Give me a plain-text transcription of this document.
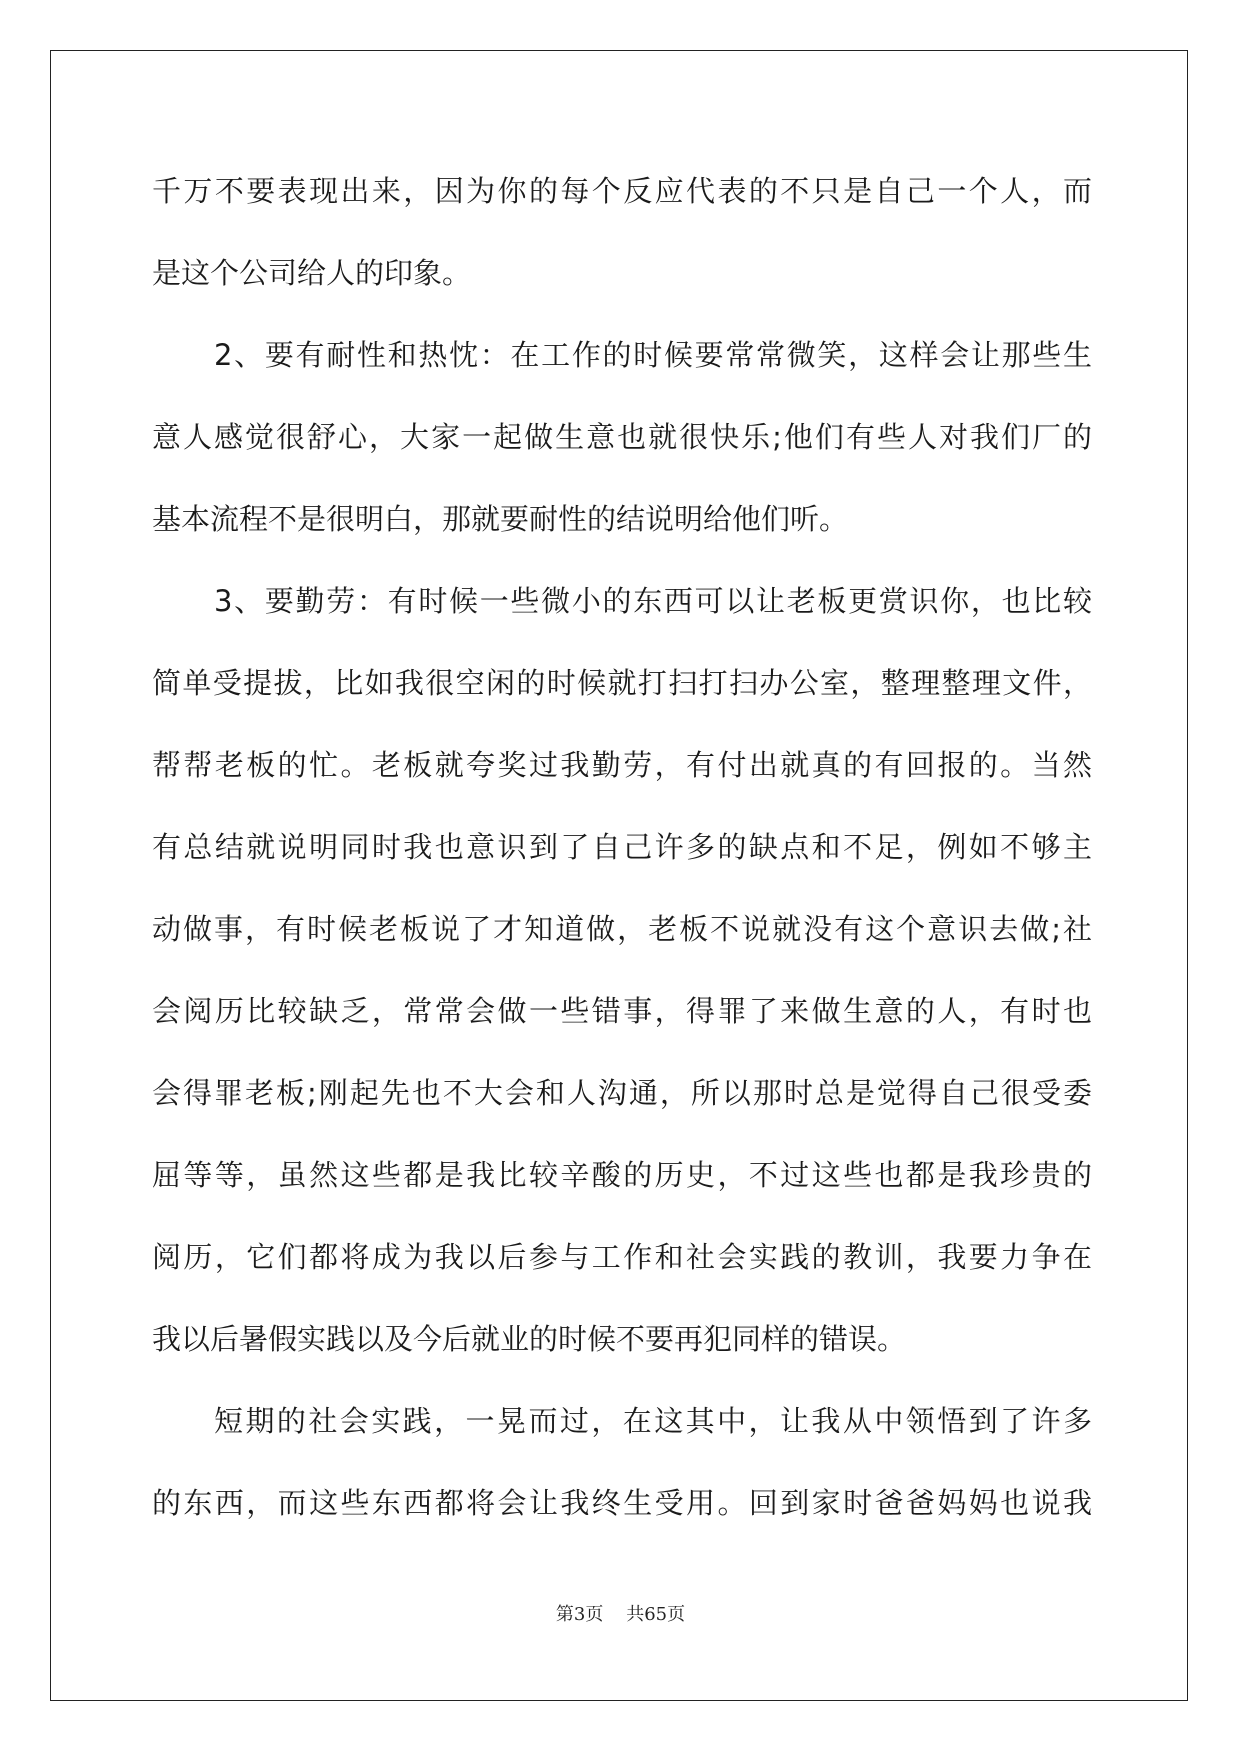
千万不要表现出来，因为你的每个反应代表的不只是自己一个人，而
是这个公司给人的印象。
2、要有耐性和热忱：在工作的时候要常常微笑，这样会让那些生
意人感觉很舒心，大家一起做生意也就很快乐;他们有些人对我们厂的
基本流程不是很明白，那就要耐性的结说明给他们听。
3、要勤劳：有时候一些微小的东西可以让老板更赏识你，也比较
简单受提拔，比如我很空闲的时候就打扫打扫办公室，整理整理文件，
帮帮老板的忙。老板就夸奖过我勤劳，有付出就真的有回报的。当然
有总结就说明同时我也意识到了自己许多的缺点和不足，例如不够主
动做事，有时候老板说了才知道做，老板不说就没有这个意识去做;社
会阅历比较缺乏，常常会做一些错事，得罪了来做生意的人，有时也
会得罪老板;刚起先也不大会和人沟通，所以那时总是觉得自己很受委
屈等等，虽然这些都是我比较辛酸的历史，不过这些也都是我珍贵的
阅历，它们都将成为我以后参与工作和社会实践的教训，我要力争在
我以后暑假实践以及今后就业的时候不要再犯同样的错误。
短期的社会实践，一晃而过，在这其中，让我从中领悟到了许多
的东西，而这些东西都将会让我终生受用。回到家时爸爸妈妈也说我
第3页 共65页
